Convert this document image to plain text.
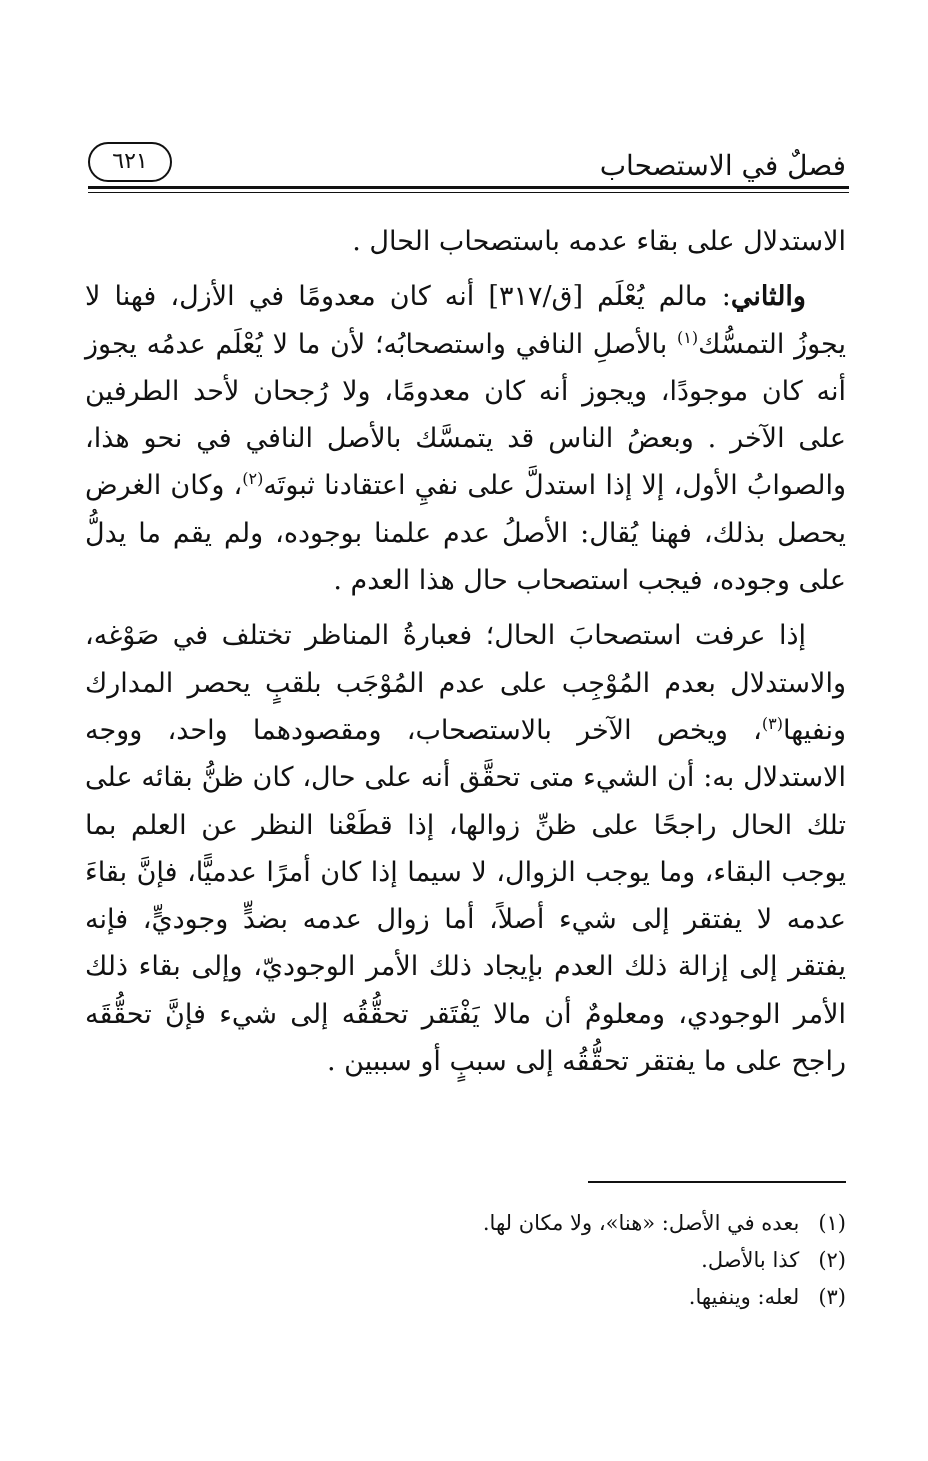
فصلٌ في الاستصحاب
٦٢١

الاستدلال على بقاء عدمه باستصحاب الحال .

والثاني: مالم يُعْلَم [ق/٣١٧] أنه كان معدومًا في الأزل، فهنا لا يجوزُ التمسُّك$^{(١)}$ بالأصلِ النافي واستصحابُه؛ لأن ما لا يُعْلَم عدمُه يجوز أنه كان موجودًا، ويجوز أنه كان معدومًا، ولا رُجحان لأحد الطرفين على الآخر . وبعضُ الناس قد يتمسَّك بالأصل النافي في نحو هذا، والصوابُ الأول، إلا إذا استدلَّ على نفيِ اعتقادنا ثبوتَه$^{(٢)}$، وكان الغرض يحصل بذلك، فهنا يُقال: الأصلُ عدم علمنا بوجوده، ولم يقم ما يدلُّ على وجوده، فيجب استصحاب حال هذا العدم .

إذا عرفت استصحابَ الحال؛ فعبارةُ المناظر تختلف في صَوْغه، والاستدلال بعدم المُوْجِب على عدم المُوْجَب بلقبٍ يحصر المدارك ونفيها$^{(٣)}$، ويخص الآخر بالاستصحاب، ومقصودهما واحد، ووجه الاستدلال به: أن الشيء متى تحقَّق أنه على حال، كان ظنُّ بقائه على تلك الحال راجحًا على ظنِّ زوالها، إذا قطَعْنا النظر عن العلم بما يوجب البقاء، وما يوجب الزوال، لا سيما إذا كان أمرًا عدميًّا، فإنَّ بقاءَ عدمه لا يفتقر إلى شيء أصلاً، أما زوال عدمه بضدٍّ وجوديٍّ، فإنه يفتقر إلى إزالة ذلك العدم بإيجاد ذلك الأمر الوجوديّ، وإلى بقاء ذلك الأمر الوجودي، ومعلومٌ أن مالا يَفْتَقر تحقُّقُه إلى شيء فإنَّ تحقُّقَه راجح على ما يفتقر تحقُّقُه إلى سببٍ أو سببين .

(١) بعده في الأصل: «هنا»، ولا مكان لها.

(٢) كذا بالأصل.

(٣) لعله: وينفيها.
